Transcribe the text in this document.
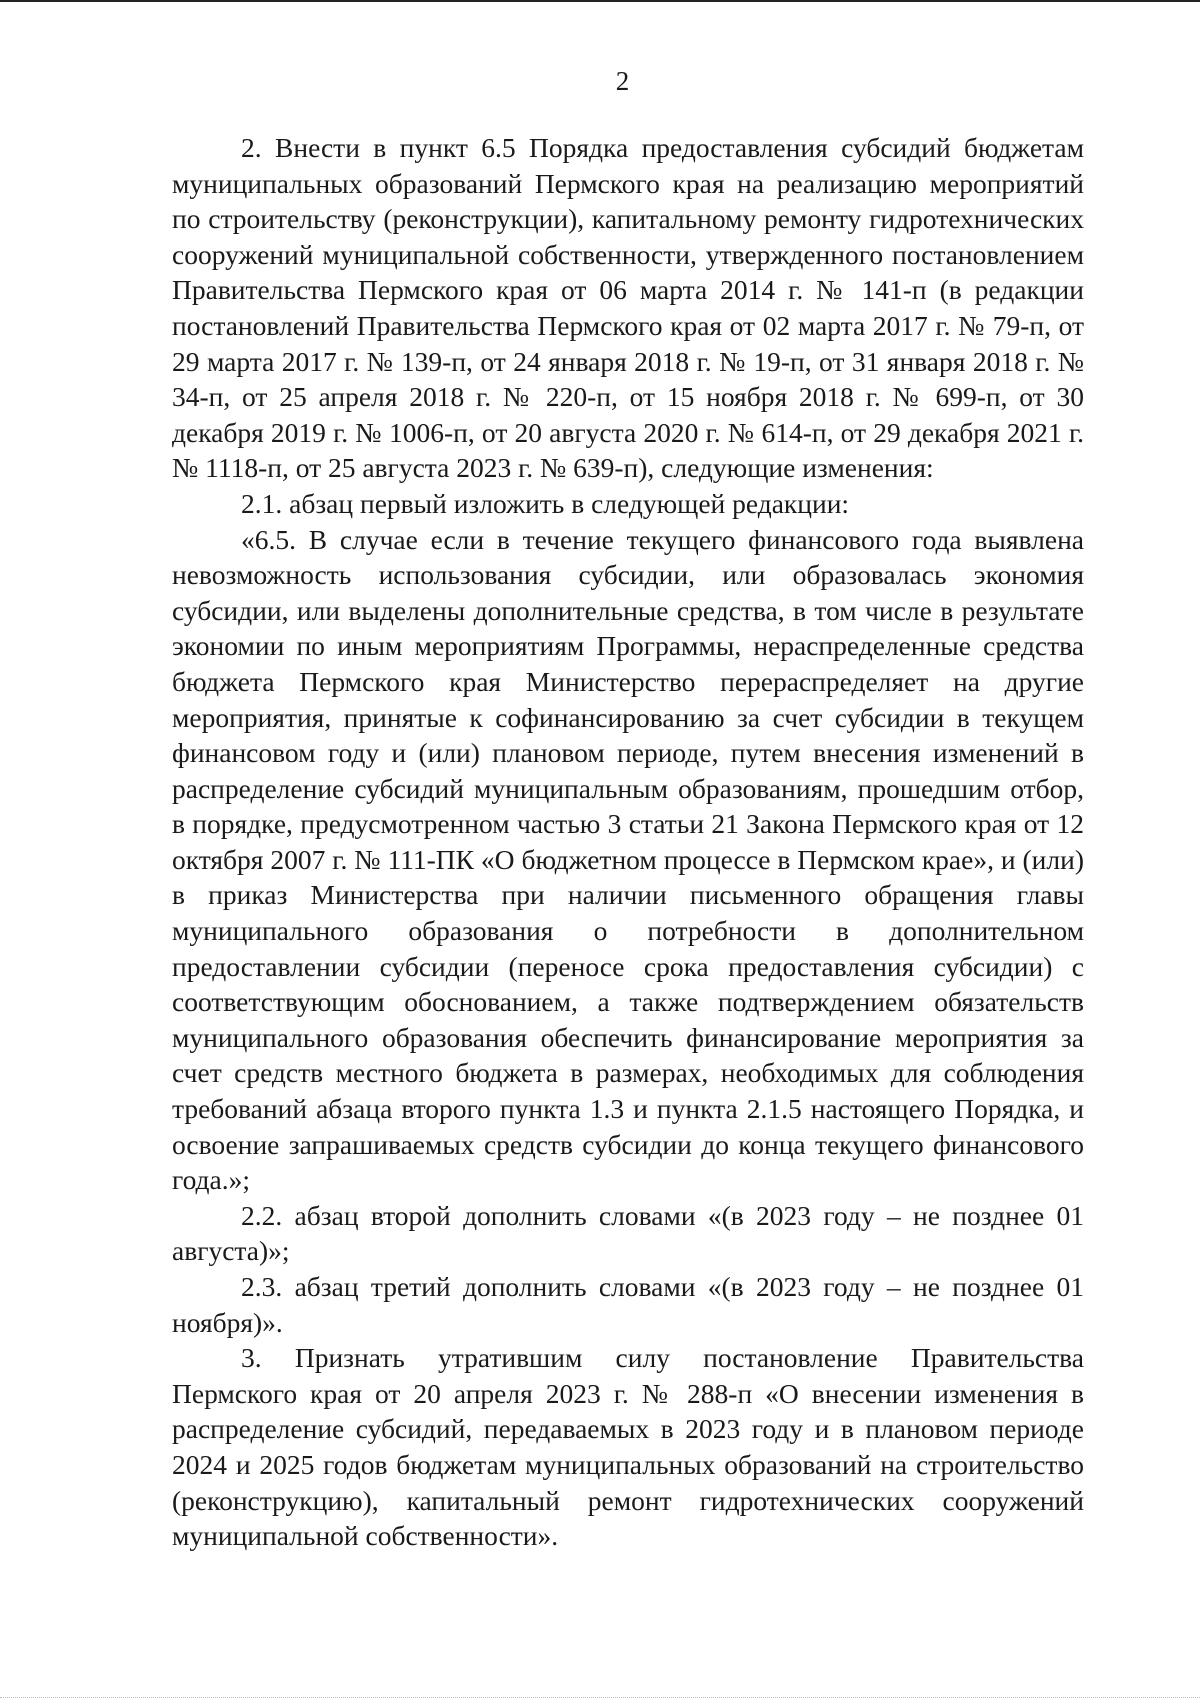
2

2. Внести в пункт 6.5 Порядка предоставления субсидий бюджетам муниципальных образований Пермского края на реализацию мероприятий по строительству (реконструкции), капитальному ремонту гидротехнических сооружений муниципальной собственности, утвержденного постановлением Правительства Пермского края от 06 марта 2014 г. № 141-п (в редакции постановлений Правительства Пермского края от 02 марта 2017 г. № 79-п, от 29 марта 2017 г. № 139-п, от 24 января 2018 г. № 19-п, от 31 января 2018 г. № 34-п, от 25 апреля 2018 г. № 220-п, от 15 ноября 2018 г. № 699-п, от 30 декабря 2019 г. № 1006-п, от 20 августа 2020 г. № 614-п, от 29 декабря 2021 г. № 1118-п, от 25 августа 2023 г. № 639-п), следующие изменения:

2.1. абзац первый изложить в следующей редакции:

«6.5. В случае если в течение текущего финансового года выявлена невозможность использования субсидии, или образовалась экономия субсидии, или выделены дополнительные средства, в том числе в результате экономии по иным мероприятиям Программы, нераспределенные средства бюджета Пермского края Министерство перераспределяет на другие мероприятия, принятые к софинансированию за счет субсидии в текущем финансовом году и (или) плановом периоде, путем внесения изменений в распределение субсидий муниципальным образованиям, прошедшим отбор, в порядке, предусмотренном частью 3 статьи 21 Закона Пермского края от 12 октября 2007 г. № 111-ПК «О бюджетном процессе в Пермском крае», и (или) в приказ Министерства при наличии письменного обращения главы муниципального образования о потребности в дополнительном предоставлении субсидии (переносе срока предоставления субсидии) с соответствующим обоснованием, а также подтверждением обязательств муниципального образования обеспечить финансирование мероприятия за счет средств местного бюджета в размерах, необходимых для соблюдения требований абзаца второго пункта 1.3 и пункта 2.1.5 настоящего Порядка, и освоение запрашиваемых средств субсидии до конца текущего финансового года.»;

2.2. абзац второй дополнить словами «(в 2023 году – не позднее 01 августа)»;

2.3. абзац третий дополнить словами «(в 2023 году – не позднее 01 ноября)».

3. Признать утратившим силу постановление Правительства Пермского края от 20 апреля 2023 г. № 288-п «О внесении изменения в распределение субсидий, передаваемых в 2023 году и в плановом периоде 2024 и 2025 годов бюджетам муниципальных образований на строительство (реконструкцию), капитальный ремонт гидротехнических сооружений муниципальной собственности».
